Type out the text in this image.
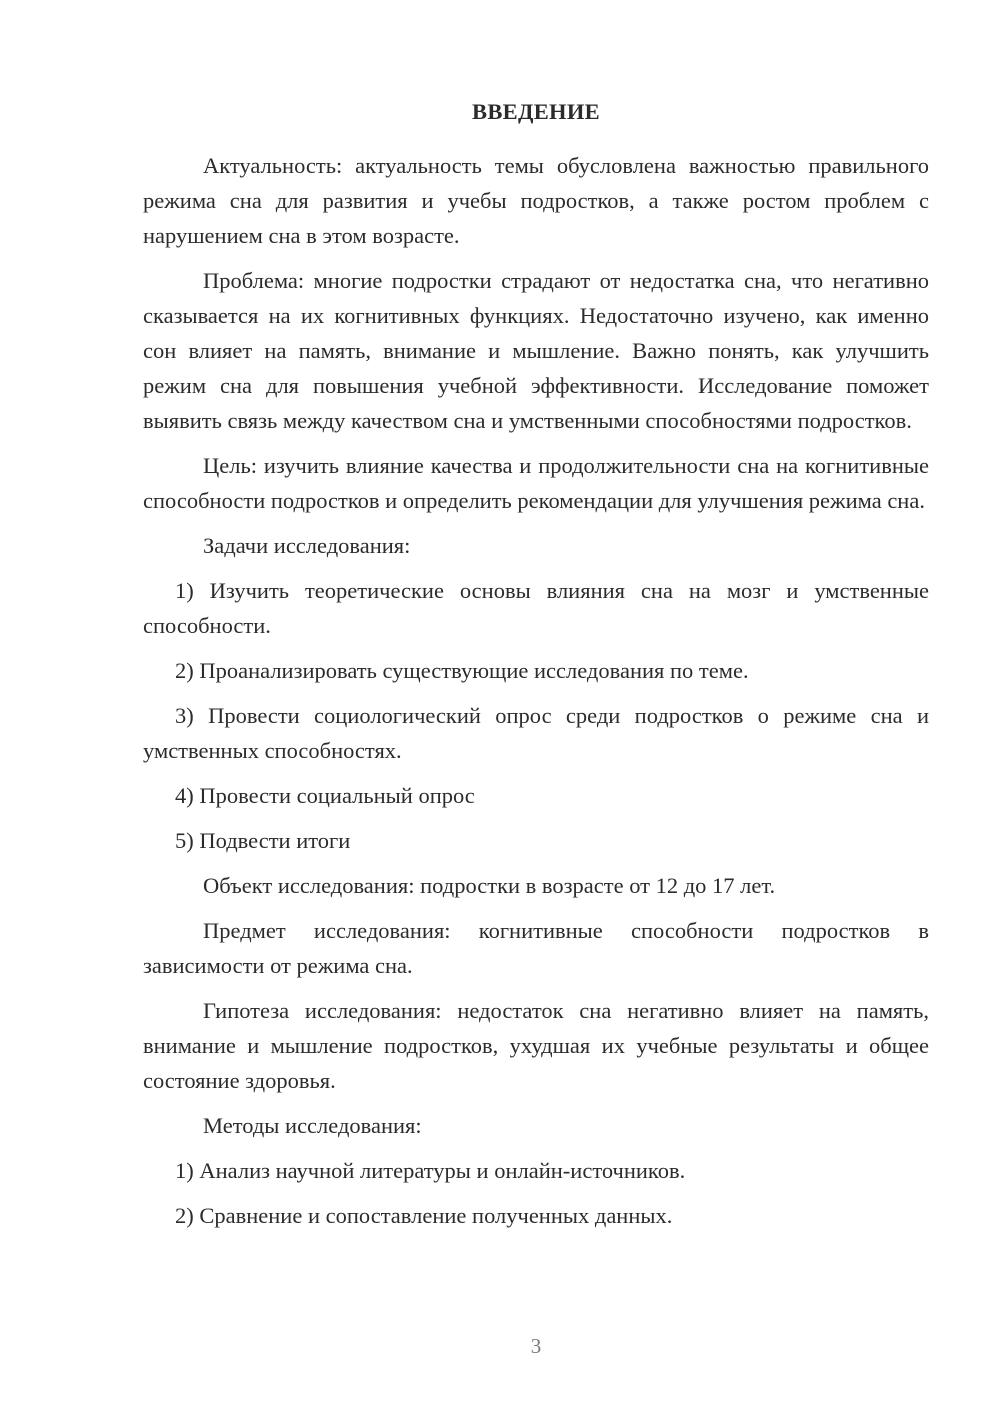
ВВЕДЕНИЕ

Актуальность: актуальность темы обусловлена важностью правильного режима сна для развития и учебы подростков, а также ростом проблем с нарушением сна в этом возрасте.

Проблема: многие подростки страдают от недостатка сна, что негативно сказывается на их когнитивных функциях. Недостаточно изучено, как именно сон влияет на память, внимание и мышление. Важно понять, как улучшить режим сна для повышения учебной эффективности. Исследование поможет выявить связь между качеством сна и умственными способностями подростков.

Цель: изучить влияние качества и продолжительности сна на когнитивные способности подростков и определить рекомендации для улучшения режима сна.

Задачи исследования:

1) Изучить теоретические основы влияния сна на мозг и умственные способности.

2) Проанализировать существующие исследования по теме.

3) Провести социологический опрос среди подростков о режиме сна и умственных способностях.

4) Провести социальный опрос

5) Подвести итоги

Объект исследования: подростки в возрасте от 12 до 17 лет.

Предмет исследования: когнитивные способности подростков в зависимости от режима сна.

Гипотеза исследования: недостаток сна негативно влияет на память, внимание и мышление подростков, ухудшая их учебные результаты и общее состояние здоровья.

Методы исследования:

1) Анализ научной литературы и онлайн-источников.

2) Сравнение и сопоставление полученных данных.

3
